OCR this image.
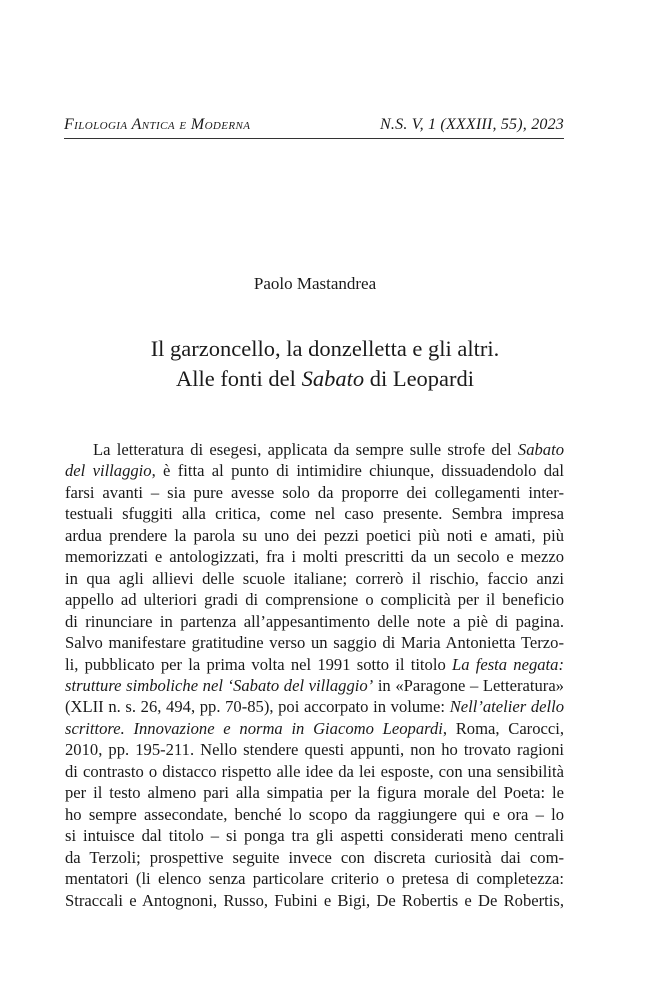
Filologia Antica e Moderna	N.S. V, 1 (XXXIII, 55), 2023
Paolo Mastandrea
Il garzoncello, la donzelletta e gli altri.
Alle fonti del Sabato di Leopardi
La letteratura di esegesi, applicata da sempre sulle strofe del Sabato
del villaggio, è fitta al punto di intimidire chiunque, dissuadendolo dal
farsi avanti – sia pure avesse solo da proporre dei collegamenti inter-
testuali sfuggiti alla critica, come nel caso presente. Sembra impresa
ardua prendere la parola su uno dei pezzi poetici più noti e amati, più
memorizzati e antologizzati, fra i molti prescritti da un secolo e mezzo
in qua agli allievi delle scuole italiane; correrò il rischio, faccio anzi
appello ad ulteriori gradi di comprensione o complicità per il beneficio
di rinunciare in partenza all’appesantimento delle note a piè di pagina.
Salvo manifestare gratitudine verso un saggio di Maria Antonietta Terzo-
li, pubblicato per la prima volta nel 1991 sotto il titolo La festa negata:
strutture simboliche nel ‘Sabato del villaggio’ in «Paragone – Letteratura»
(XLII n. s. 26, 494, pp. 70-85), poi accorpato in volume: Nell’atelier dello
scrittore. Innovazione e norma in Giacomo Leopardi, Roma, Carocci,
2010, pp. 195-211. Nello stendere questi appunti, non ho trovato ragioni
di contrasto o distacco rispetto alle idee da lei esposte, con una sensibilità
per il testo almeno pari alla simpatia per la figura morale del Poeta: le
ho sempre assecondate, benché lo scopo da raggiungere qui e ora – lo
si intuisce dal titolo – si ponga tra gli aspetti considerati meno centrali
da Terzoli; prospettive seguite invece con discreta curiosità dai com-
mentatori (li elenco senza particolare criterio o pretesa di completezza:
Straccali e Antognoni, Russo, Fubini e Bigi, De Robertis e De Robertis,
